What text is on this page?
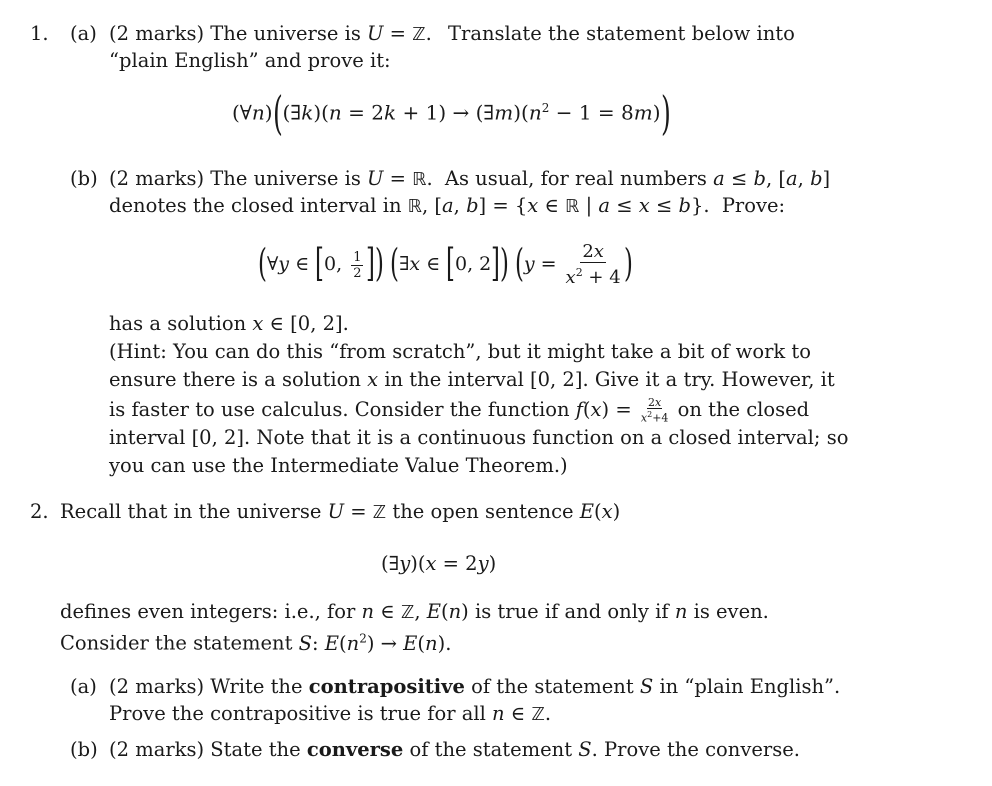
1. (a) (2 marks) The universe is U = ℤ. Translate the statement below into
“plain English” and prove it:
(∀n)((∃k)(n = $2k + 1) \to (\exists m)(n^2 - 1 = 8m)$)
(b) (2 marks) The universe is U = ℝ. As usual, for real numbers a ≤ b, [a, b]
denotes the closed interval in ℝ, [a, b] = {x ∈ ℝ | a ≤ x ≤ b}. Prove:
(∀y ∈ [0, $\frac{1}{2}$ ]) (∃x ∈ [0, 2]) ($y = \frac{2x}{x^2 + 4}$ )
has a solution x ∈ [0, 2].
(Hint: You can do this “from scratch”, but it might take a bit of work to
ensure there is a solution x in the interval [0, 2]. Give it a try. However, it
is faster to use calculus. Consider the function $f(x) = \frac{2x}{x^2+4}$ on the closed
interval [0, 2]. Note that it is a continuous function on a closed interval; so
you can use the Intermediate Value Theorem.)
2. Recall that in the universe U = ℤ the open sentence E(x)
(∃y)(x = 2y)
defines even integers: i.e., for n ∈ ℤ, E(n) is true if and only if n is even.
Consider the statement S: $E(n^2) \to E(n)$.
(a) (2 marks) Write the contrapositive of the statement S in “plain English”.
Prove the contrapositive is true for all n ∈ ℤ.
(b) (2 marks) State the converse of the statement S. Prove the converse.
